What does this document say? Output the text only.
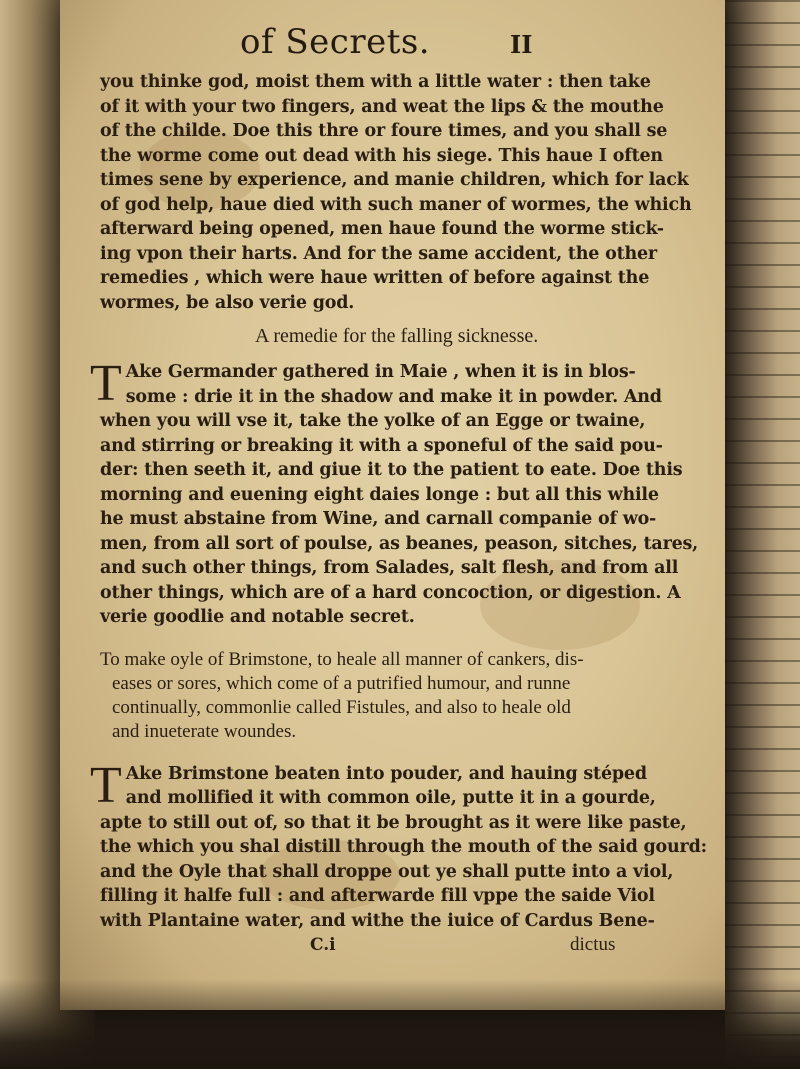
of Secrets.	II
you thinke god, moist them with a little water : then take
of it with your two fingers, and weat the lips & the mouthe
of the childe. Doe this thre or foure times, and you shall se
the worme come out dead with his siege. This haue I often
times sene by experience, and manie children, which for lack
of god help, haue died with such maner of wormes, the which
afterward being opened, men haue found the worme stick-
ing vpon their harts. And for the same accident, the other
remedies , which were haue written of before against the
wormes, be also verie god.
A remedie for the falling sicknesse.
T Ake Germander gathered in Maie , when it is in blos-
some : drie it in the shadow and make it in powder. And
when you will vse it, take the yolke of an Egge or twaine,
and stirring or breaking it with a sponeful of the said pou-
der: then seeth it, and giue it to the patient to eate. Doe this
morning and euening eight daies longe : but all this while
he must abstaine from Wine, and carnall companie of wo-
men, from all sort of poulse, as beanes, peason, sitches, tares,
and such other things, from Salades, salt flesh, and from all
other things, which are of a hard concoction, or digestion. A
verie goodlie and notable secret.
To make oyle of Brimstone, to heale all manner of cankers, dis-
eases or sores, which come of a putrified humour, and runne
continually, commonlie called Fistules, and also to heale old
and inueterate woundes.
T Ake Brimstone beaten into pouder, and hauing stéped
and mollified it with common oile, putte it in a gourde,
apte to still out of, so that it be brought as it were like paste,
the which you shal distill through the mouth of the said gourd:
and the Oyle that shall droppe out ye shall putte into a viol,
filling it halfe full : and afterwarde fill vppe the saide Viol
with Plantaine water, and withe the iuice of Cardus Bene-
C.i	dictus
